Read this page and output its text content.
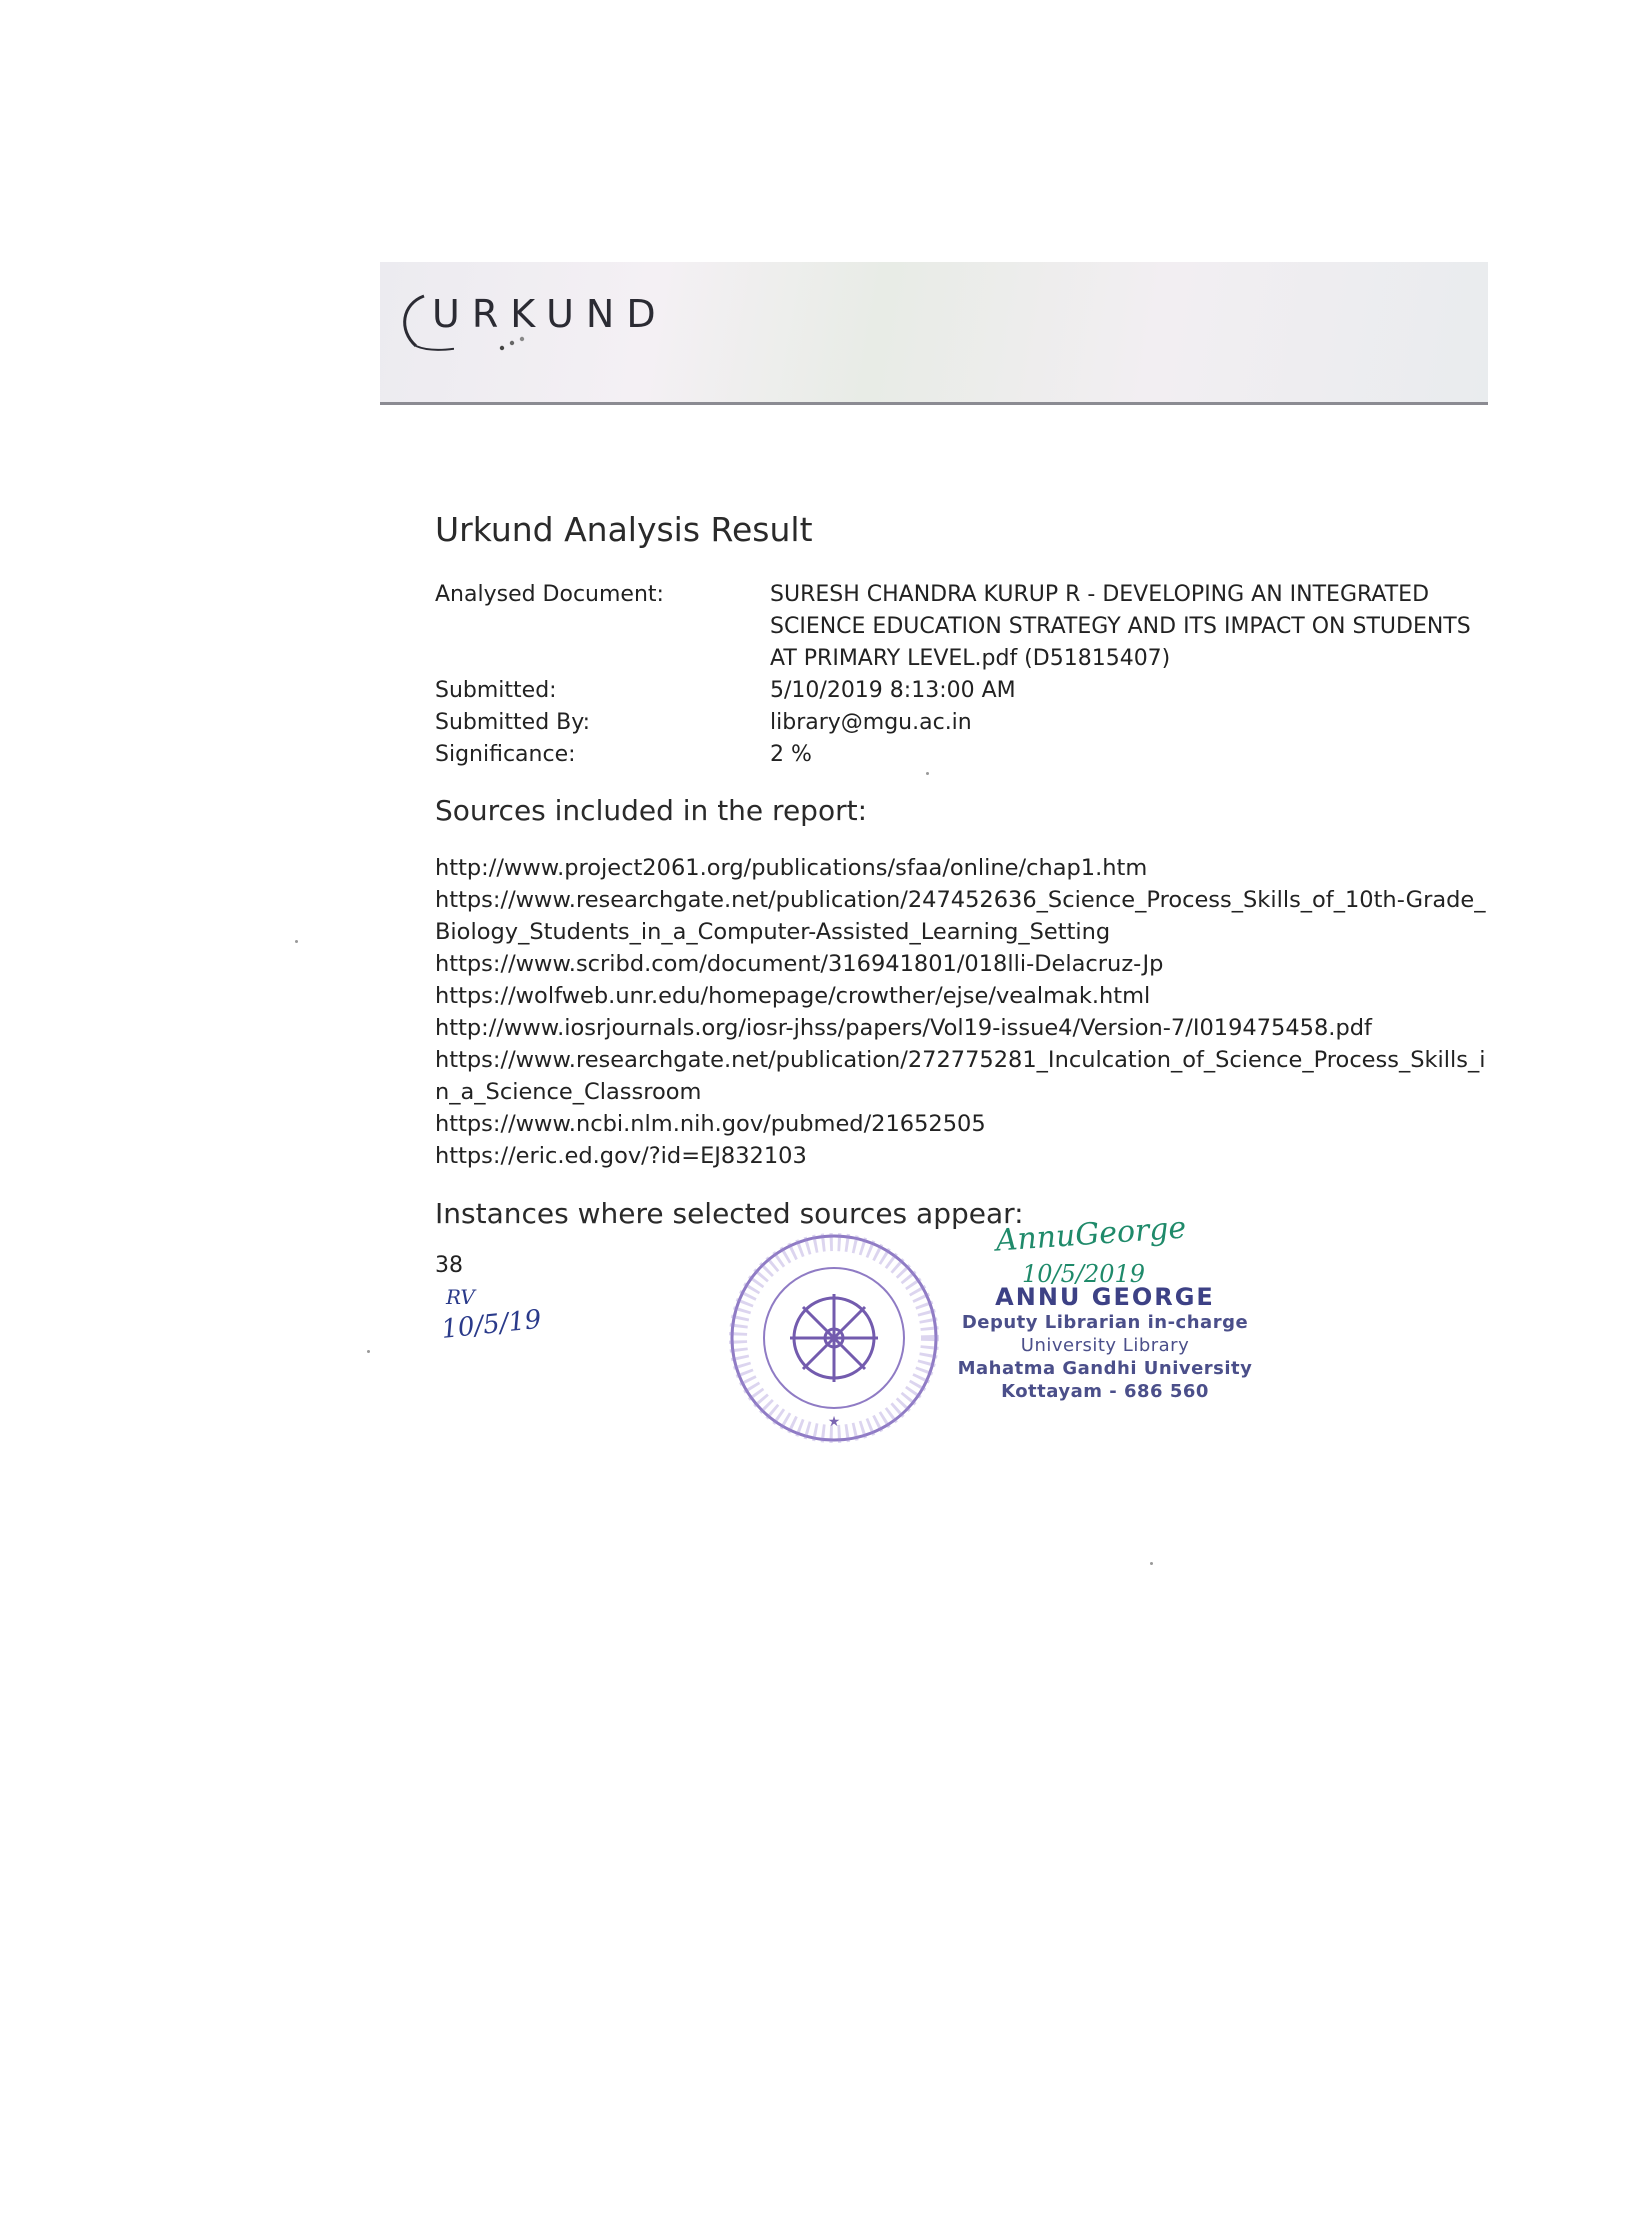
URKUND
Urkund Analysis Result
Analysed Document:	SURESH CHANDRA KURUP R - DEVELOPING AN INTEGRATED SCIENCE EDUCATION STRATEGY AND ITS IMPACT ON STUDENTS AT PRIMARY LEVEL.pdf (D51815407)
Submitted:	5/10/2019 8:13:00 AM
Submitted By:	library@mgu.ac.in
Significance:	2 %
Sources included in the report:
http://www.project2061.org/publications/sfaa/online/chap1.htm
https://www.researchgate.net/publication/247452636_Science_Process_Skills_of_10th-Grade_Biology_Students_in_a_Computer-Assisted_Learning_Setting
https://www.scribd.com/document/316941801/018lli-Delacruz-Jp
https://wolfweb.unr.edu/homepage/crowther/ejse/vealmak.html
http://www.iosrjournals.org/iosr-jhss/papers/Vol19-issue4/Version-7/I019475458.pdf
https://www.researchgate.net/publication/272775281_Inculcation_of_Science_Process_Skills_in_a_Science_Classroom
https://www.ncbi.nlm.nih.gov/pubmed/21652505
https://eric.ed.gov/?id=EJ832103
Instances where selected sources appear:
38
RV
10/5/19
★
AnnuGeorge
10/5/2019
ANNU GEORGE
Deputy Librarian in-charge
University Library
Mahatma Gandhi University
Kottayam - 686 560
